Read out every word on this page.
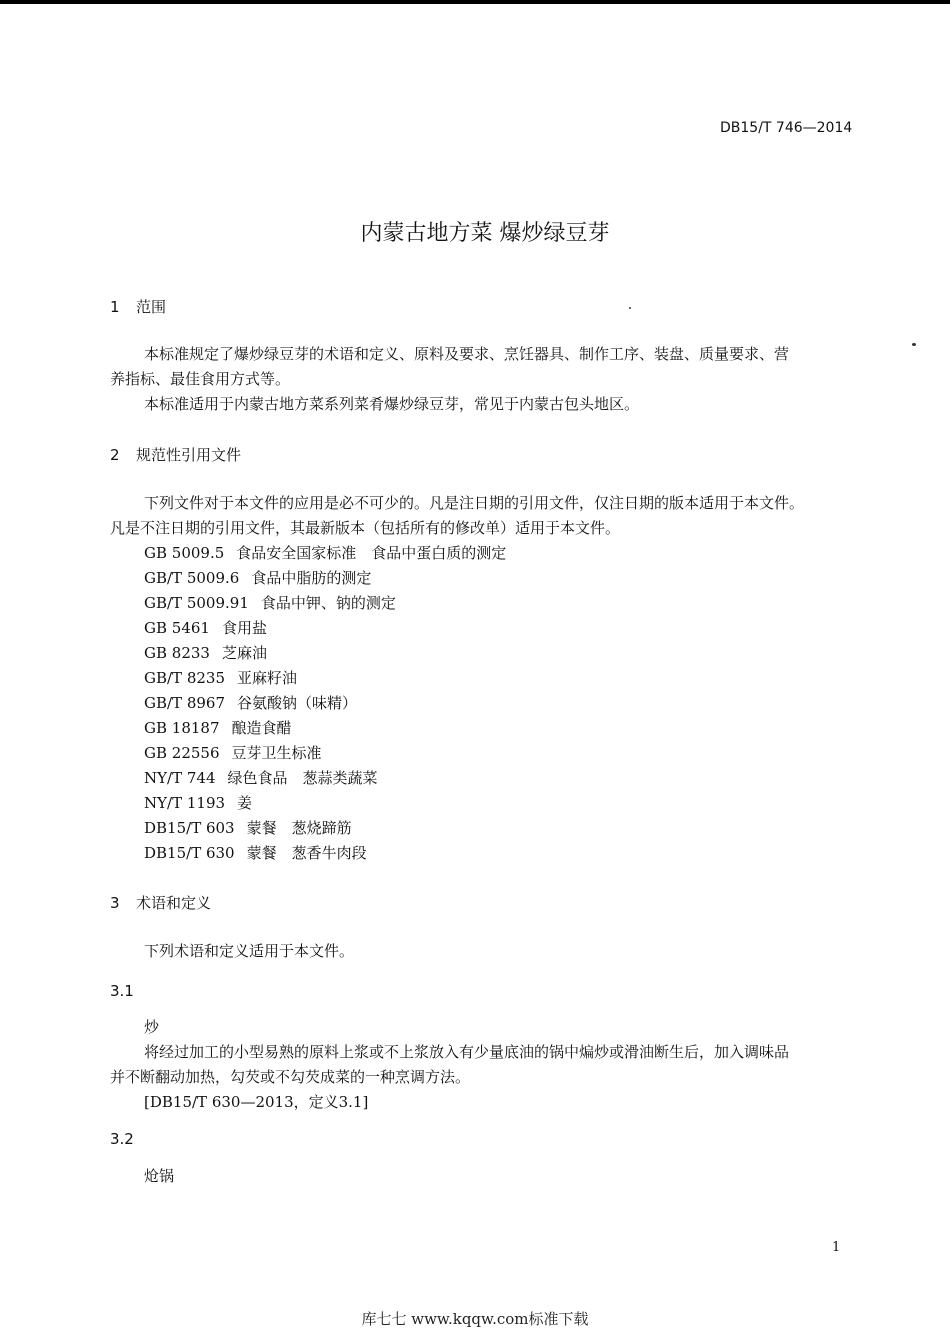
DB15/T 746—2014
内蒙古地方菜 爆炒绿豆芽
1 范围
本标准规定了爆炒绿豆芽的术语和定义、原料及要求、烹饪器具、制作工序、装盘、质量要求、营
养指标、最佳食用方式等。
本标准适用于内蒙古地方菜系列菜肴爆炒绿豆芽，常见于内蒙古包头地区。
2 规范性引用文件
下列文件对于本文件的应用是必不可少的。凡是注日期的引用文件，仅注日期的版本适用于本文件。
凡是不注日期的引用文件，其最新版本（包括所有的修改单）适用于本文件。
GB 5009.5 食品安全国家标准　食品中蛋白质的测定
GB/T 5009.6 食品中脂肪的测定
GB/T 5009.91 食品中钾、钠的测定
GB 5461 食用盐
GB 8233 芝麻油
GB/T 8235 亚麻籽油
GB/T 8967 谷氨酸钠（味精）
GB 18187 酿造食醋
GB 22556 豆芽卫生标准
NY/T 744 绿色食品　葱蒜类蔬菜
NY/T 1193 姜
DB15/T 603 蒙餐　葱烧蹄筋
DB15/T 630 蒙餐　葱香牛肉段
3 术语和定义
下列术语和定义适用于本文件。
3.1
炒
将经过加工的小型易熟的原料上浆或不上浆放入有少量底油的锅中煸炒或滑油断生后，加入调味品
并不断翻动加热，勾芡或不勾芡成菜的一种烹调方法。
[DB15/T 630—2013，定义3.1]
3.2
炝锅
1
库七七 www.kqqw.com标准下载
